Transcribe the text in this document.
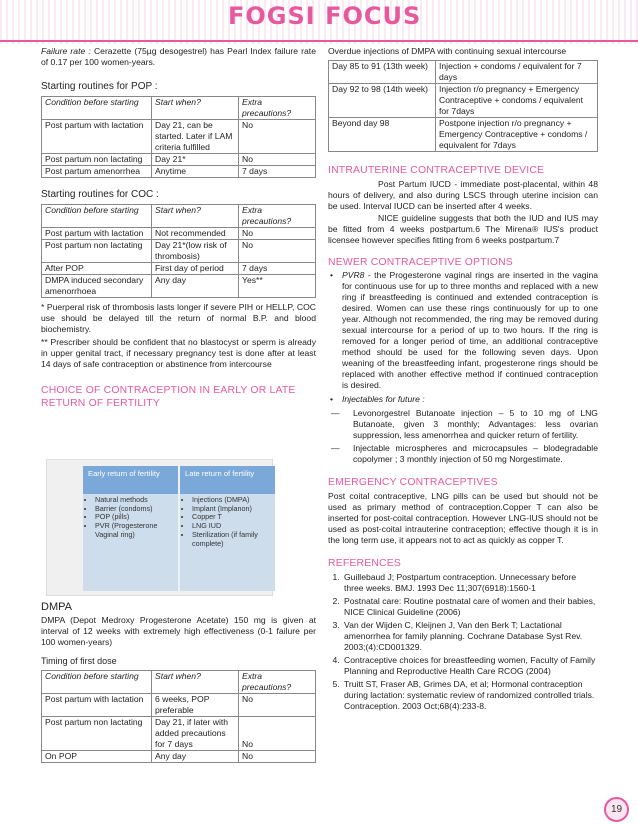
FOGSI FOCUS

Failure rate : Cerazette (75µg desogestrel) has Pearl Index failure rate of 0.17 per 100 women-years.

Starting routines for POP :

Condition before starting	Start when?	Extra precautions?
Post partum with lactation	Day 21, can be started. Later if LAM criteria fulfilled	No
Post partum non lactating	Day 21*	No
Post partum amenorrhea	Anytime	7 days

Starting routines for COC :

Condition before starting	Start when?	Extra precautions?
Post partum with lactation	Not recommended	No
Post partum non lactating	Day 21*(low risk of thrombosis)	No
After POP	First day of period	7 days
DMPA induced secondary amenorrhoea	Any day	Yes**

* Puerperal risk of thrombosis lasts longer if severe PIH or HELLP, COC use should be delayed till the return of normal B.P. and blood biochemistry.

** Prescriber should be confident that no blastocyst or sperm is already in upper genital tract, if necessary pregnancy test is done after at least 14 days of safe contraception or abstinence from intercourse

CHOICE OF CONTRACEPTION IN EARLY OR LATE RETURN OF FERTILITY

Early return of fertility
• Natural methods
• Barrier (condoms)
• POP (pills)
• PVR (Progesterone Vaginal ring)
Late return of fertility
• Injections (DMPA)
• Implant (Implanon)
• Copper T
• LNG IUD
• Sterilization (if family complete)

DMPA

DMPA (Depot Medroxy Progesterone Acetate) 150 mg is given at interval of 12 weeks with extremely high effectiveness (0-1 failure per 100 women-years)

Timing of first dose

Condition before starting	Start when?	Extra precautions?
Post partum with lactation	6 weeks, POP preferable	No
Post partum non lactating	Day 21, if later with added precautions for 7 days	No
On POP	Any day	No

Overdue injections of DMPA with continuing sexual intercourse

Day 85 to 91 (13th week)	Injection + condoms / equivalent for 7 days
Day 92 to 98 (14th week)	Injection r/o pregnancy + Emergency Contraceptive + condoms / equivalent for 7days
Beyond day 98	Postpone injection r/o pregnancy + Emergency Contraceptive + condoms / equivalent for 7days

INTRAUTERINE CONTRACEPTIVE DEVICE

Post Partum IUCD - immediate post-placental, within 48 hours of delivery, and also during LSCS through uterine incision can be used. Interval IUCD can be inserted after 4 weeks.

NICE guideline suggests that both the IUD and IUS may be fitted from 4 weeks postpartum.6 The Mirena® IUS's product licensee however specifies fitting from 6 weeks postpartum.7

NEWER CONTRACEPTIVE OPTIONS

• PVR8 - the Progesterone vaginal rings are inserted in the vagina for continuous use for up to three months and replaced with a new ring if breastfeeding is continued and extended contraception is desired. Women can use these rings continuously for up to one year. Although not recommended, the ring may be removed during sexual intercourse for a period of up to two hours. If the ring is removed for a longer period of time, an additional contraceptive method should be used for the following seven days. Upon weaning of the breastfeeding infant, progesterone rings should be replaced with another effective method if continued contraception is desired.
• Injectables for future :
— Levonorgestrel Butanoate injection – 5 to 10 mg of LNG Butanoate, given 3 monthly; Advantages: less ovarian suppression, less amenorrhea and quicker return of fertility.
— Injectable microspheres and microcapsules – blodegradable copolymer ; 3 monthly injection of 50 mg Norgestimate.

EMERGENCY CONTRACEPTIVES

Post coital contraceptive, LNG pills can be used but should not be used as primary method of contraception.Copper T can also be inserted for post-coital contraception. However LNG-IUS should not be used as post-coital intrauterine contraception; effective though it is in the long term use, it appears not to act as quickly as copper T.

REFERENCES

1. Guillebaud J; Postpartum contraception. Unnecessary before three weeks. BMJ. 1993 Dec 11;307(6918):1560-1
2. Postnatal care: Routine postnatal care of women and their babies, NICE Clinical Guideline (2006)
3. Van der Wijden C, Kleijnen J, Van den Berk T; Lactational amenorrhea for family planning. Cochrane Database Syst Rev. 2003;(4):CD001329.
4. Contraceptive choices for breastfeeding women, Faculty of Family Planning and Reproductive Health Care RCOG (2004)
5. Truitt ST, Fraser AB, Grimes DA, et al; Hormonal contraception during lactation: systematic review of randomized controlled trials. Contraception. 2003 Oct;68(4):233-8.
19
